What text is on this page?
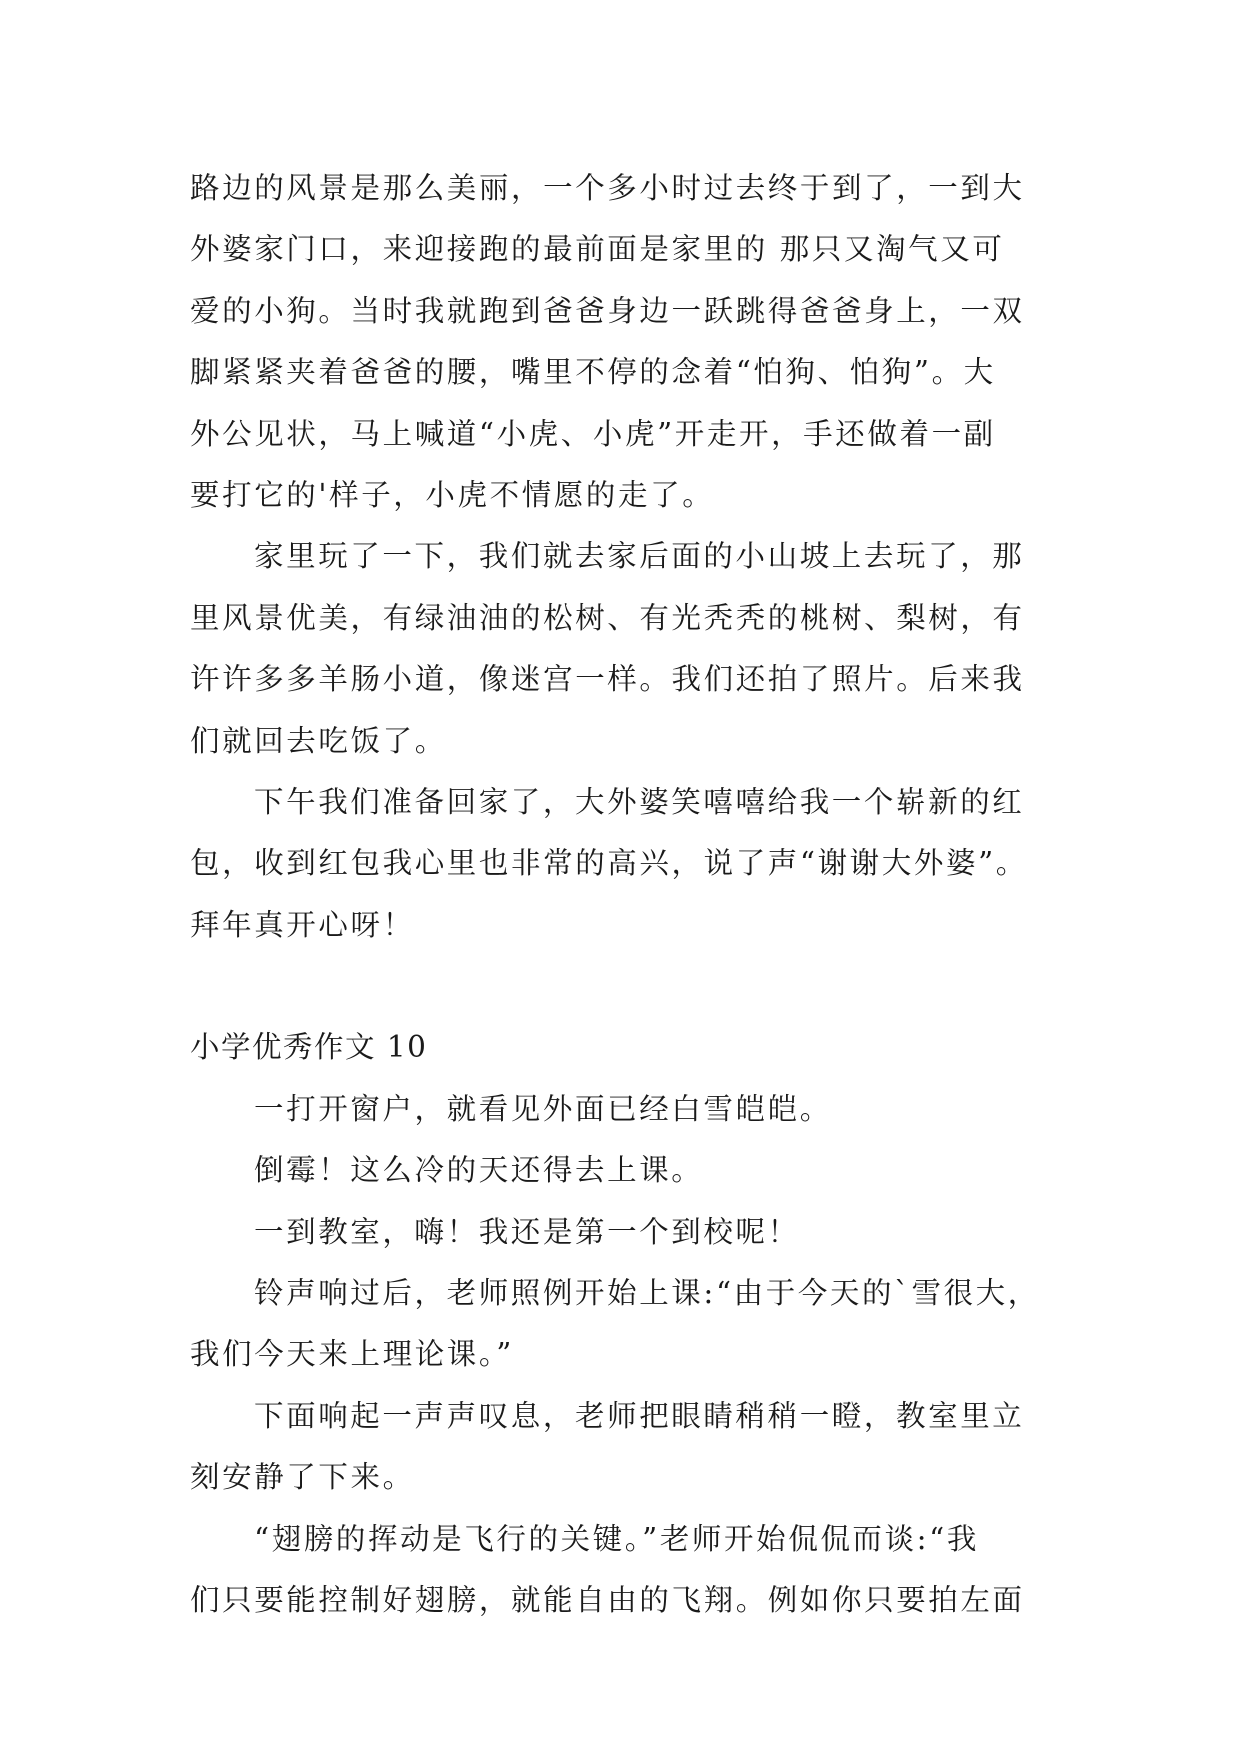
路边的风景是那么美丽，一个多小时过去终于到了，一到大
外婆家门口，来迎接跑的最前面是家里的 那只又淘气又可
爱的小狗。当时我就跑到爸爸身边一跃跳得爸爸身上，一双
脚紧紧夹着爸爸的腰，嘴里不停的念着“怕狗、怕狗”。大
外公见状，马上喊道“小虎、小虎”开走开，手还做着一副
要打它的'样子，小虎不情愿的走了。
家里玩了一下，我们就去家后面的小山坡上去玩了，那
里风景优美，有绿油油的松树、有光秃秃的桃树、梨树，有
许许多多羊肠小道，像迷宫一样。我们还拍了照片。后来我
们就回去吃饭了。
下午我们准备回家了，大外婆笑嘻嘻给我一个崭新的红
包，收到红包我心里也非常的高兴，说了声“谢谢大外婆”。
拜年真开心呀！
小学优秀作文 10
一打开窗户，就看见外面已经白雪皑皑。
倒霉！这么冷的天还得去上课。
一到教室，嗨！我还是第一个到校呢！
铃声响过后，老师照例开始上课:“由于今天的`雪很大，
我们今天来上理论课。”
下面响起一声声叹息，老师把眼睛稍稍一瞪，教室里立
刻安静了下来。
“翅膀的挥动是飞行的关键。”老师开始侃侃而谈:“我
们只要能控制好翅膀，就能自由的飞翔。例如你只要拍左面
